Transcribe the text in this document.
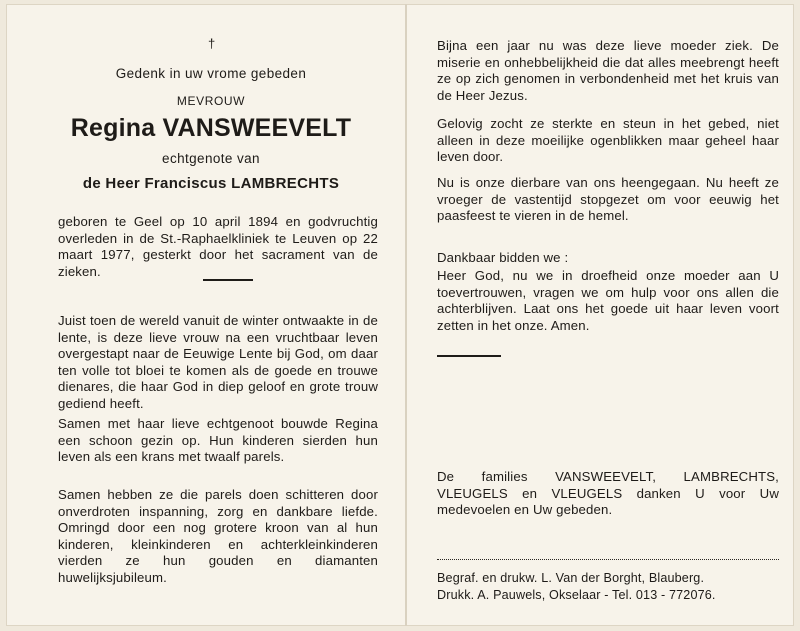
†
Gedenk in uw vrome gebeden
MEVROUW
Regina VANSWEEVELT
echtgenote van
de Heer Franciscus LAMBRECHTS
geboren te Geel op 10 april 1894 en godvruchtig overleden in de St.-Raphaelkliniek te Leuven op 22 maart 1977, gesterkt door het sacrament van de zieken.
Juist toen de wereld vanuit de winter ontwaakte in de lente, is deze lieve vrouw na een vruchtbaar leven overgestapt naar de Eeuwige Lente bij God, om daar ten volle tot bloei te komen als de goede en trouwe dienares, die haar God in diep geloof en grote trouw gediend heeft.
Samen met haar lieve echtgenoot bouwde Regina een schoon gezin op. Hun kinderen sierden hun leven als een krans met twaalf parels.
Samen hebben ze die parels doen schitteren door onverdroten inspanning, zorg en dankbare liefde. Omringd door een nog grotere kroon van al hun kinderen, kleinkinderen en achterkleinkinderen vierden ze hun gouden en diamanten huwelijksjubileum.
Bijna een jaar nu was deze lieve moeder ziek. De miserie en onhebbelijkheid die dat alles meebrengt heeft ze op zich genomen in verbondenheid met het kruis van de Heer Jezus.
Gelovig zocht ze sterkte en steun in het gebed, niet alleen in deze moeilijke ogenblikken maar geheel haar leven door.
Nu is onze dierbare van ons heengegaan. Nu heeft ze vroeger de vastentijd stopgezet om voor eeuwig het paasfeest te vieren in de hemel.
Dankbaar bidden we :
Heer God, nu we in droefheid onze moeder aan U toevertrouwen, vragen we om hulp voor ons allen die achterblijven. Laat ons het goede uit haar leven voort zetten in het onze. Amen.
De families VANSWEEVELT, LAMBRECHTS, VLEUGELS en VLEUGELS danken U voor Uw medevoelen en Uw gebeden.
Begraf. en drukw. L. Van der Borght, Blauberg.
Drukk. A. Pauwels, Okselaar - Tel. 013 - 772076.
